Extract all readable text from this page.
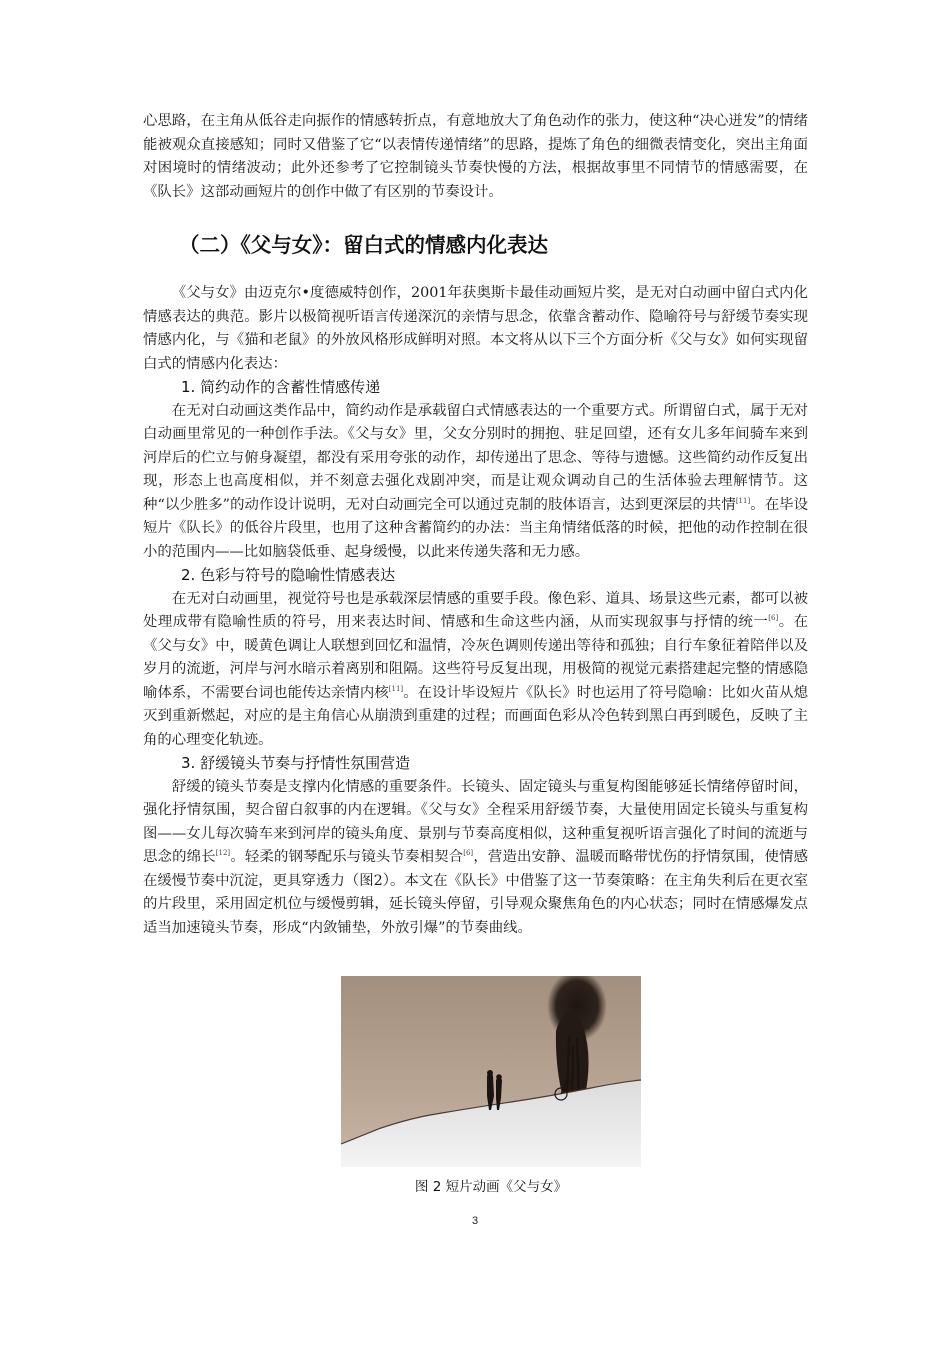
心思路，在主角从低谷走向振作的情感转折点，有意地放大了角色动作的张力，使这种“决心迸发”的情绪能被观众直接感知；同时又借鉴了它“以表情传递情绪”的思路，提炼了角色的细微表情变化，突出主角面对困境时的情绪波动；此外还参考了它控制镜头节奏快慢的方法，根据故事里不同情节的情感需要，在《队长》这部动画短片的创作中做了有区别的节奏设计。

（二）《父与女》：留白式的情感内化表达

《父与女》由迈克尔•度德威特创作，2001年获奥斯卡最佳动画短片奖，是无对白动画中留白式内化情感表达的典范。影片以极简视听语言传递深沉的亲情与思念，依靠含蓄动作、隐喻符号与舒缓节奏实现情感内化，与《猫和老鼠》的外放风格形成鲜明对照。本文将从以下三个方面分析《父与女》如何实现留白式的情感内化表达：

1. 简约动作的含蓄性情感传递

在无对白动画这类作品中，简约动作是承载留白式情感表达的一个重要方式。所谓留白式，属于无对白动画里常见的一种创作手法。《父与女》里，父女分别时的拥抱、驻足回望，还有女儿多年间骑车来到河岸后的伫立与俯身凝望，都没有采用夸张的动作，却传递出了思念、等待与遗憾。这些简约动作反复出现，形态上也高度相似，并不刻意去强化戏剧冲突，而是让观众调动自己的生活体验去理解情节。这种“以少胜多”的动作设计说明，无对白动画完全可以通过克制的肢体语言，达到更深层的共情[11]。在毕设短片《队长》的低谷片段里，也用了这种含蓄简约的办法：当主角情绪低落的时候，把他的动作控制在很小的范围内——比如脑袋低垂、起身缓慢，以此来传递失落和无力感。

2. 色彩与符号的隐喻性情感表达

在无对白动画里，视觉符号也是承载深层情感的重要手段。像色彩、道具、场景这些元素，都可以被处理成带有隐喻性质的符号，用来表达时间、情感和生命这些内涵，从而实现叙事与抒情的统一[6]。在《父与女》中，暖黄色调让人联想到回忆和温情，冷灰色调则传递出等待和孤独；自行车象征着陪伴以及岁月的流逝，河岸与河水暗示着离别和阻隔。这些符号反复出现，用极简的视觉元素搭建起完整的情感隐喻体系，不需要台词也能传达亲情内核[11]。在设计毕设短片《队长》时也运用了符号隐喻：比如火苗从熄灭到重新燃起，对应的是主角信心从崩溃到重建的过程；而画面色彩从冷色转到黑白再到暖色，反映了主角的心理变化轨迹。

3. 舒缓镜头节奏与抒情性氛围营造

舒缓的镜头节奏是支撑内化情感的重要条件。长镜头、固定镜头与重复构图能够延长情绪停留时间，强化抒情氛围，契合留白叙事的内在逻辑。《父与女》全程采用舒缓节奏，大量使用固定长镜头与重复构图——女儿每次骑车来到河岸的镜头角度、景别与节奏高度相似，这种重复视听语言强化了时间的流逝与思念的绵长[12]。轻柔的钢琴配乐与镜头节奏相契合[6]，营造出安静、温暖而略带忧伤的抒情氛围，使情感在缓慢节奏中沉淀，更具穿透力（图2）。本文在《队长》中借鉴了这一节奏策略：在主角失利后在更衣室的片段里，采用固定机位与缓慢剪辑，延长镜头停留，引导观众聚焦角色的内心状态；同时在情感爆发点适当加速镜头节奏，形成“内敛铺垫，外放引爆”的节奏曲线。

图 2 短片动画《父与女》
3
